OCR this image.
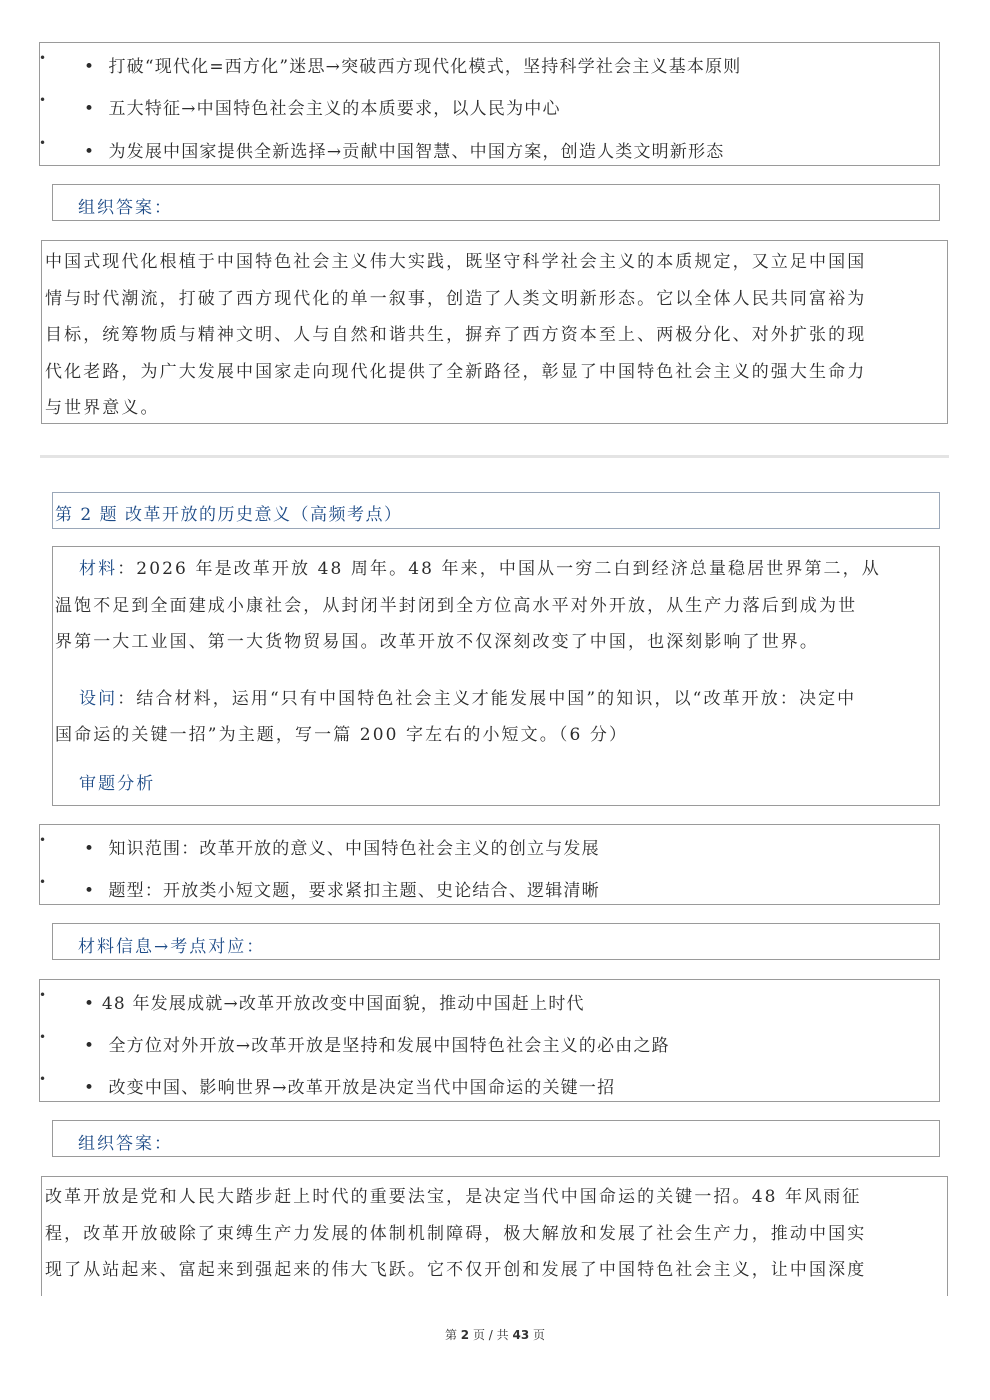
• •  打破“现代化=西方化”迷思→突破西方现代化模式，坚持科学社会主义基本原则
• •  五大特征→中国特色社会主义的本质要求，以人民为中心
• •  为发展中国家提供全新选择→贡献中国智慧、中国方案，创造人类文明新形态
组织答案：
中国式现代化根植于中国特色社会主义伟大实践，既坚守科学社会主义的本质规定，又立足中国国
情与时代潮流，打破了西方现代化的单一叙事，创造了人类文明新形态。它以全体人民共同富裕为
目标，统筹物质与精神文明、人与自然和谐共生，摒弃了西方资本至上、两极分化、对外扩张的现
代化老路，为广大发展中国家走向现代化提供了全新路径，彰显了中国特色社会主义的强大生命力
与世界意义。
第 2 题 改革开放的历史意义（高频考点）
材料：2026 年是改革开放 48 周年。48 年来，中国从一穷二白到经济总量稳居世界第二，从
温饱不足到全面建成小康社会，从封闭半封闭到全方位高水平对外开放，从生产力落后到成为世
界第一大工业国、第一大货物贸易国。改革开放不仅深刻改变了中国，也深刻影响了世界。
设问：结合材料，运用“只有中国特色社会主义才能发展中国”的知识，以“改革开放：决定中
国命运的关键一招”为主题，写一篇 200 字左右的小短文。（6 分）
审题分析
• •  知识范围：改革开放的意义、中国特色社会主义的创立与发展
• •  题型：开放类小短文题，要求紧扣主题、史论结合、逻辑清晰
材料信息→考点对应：
• • 48 年发展成就→改革开放改变中国面貌，推动中国赶上时代
• •  全方位对外开放→改革开放是坚持和发展中国特色社会主义的必由之路
• •  改变中国、影响世界→改革开放是决定当代中国命运的关键一招
组织答案：
改革开放是党和人民大踏步赶上时代的重要法宝，是决定当代中国命运的关键一招。48 年风雨征
程，改革开放破除了束缚生产力发展的体制机制障碍，极大解放和发展了社会生产力，推动中国实
现了从站起来、富起来到强起来的伟大飞跃。它不仅开创和发展了中国特色社会主义，让中国深度
第 2 页 / 共 43 页
